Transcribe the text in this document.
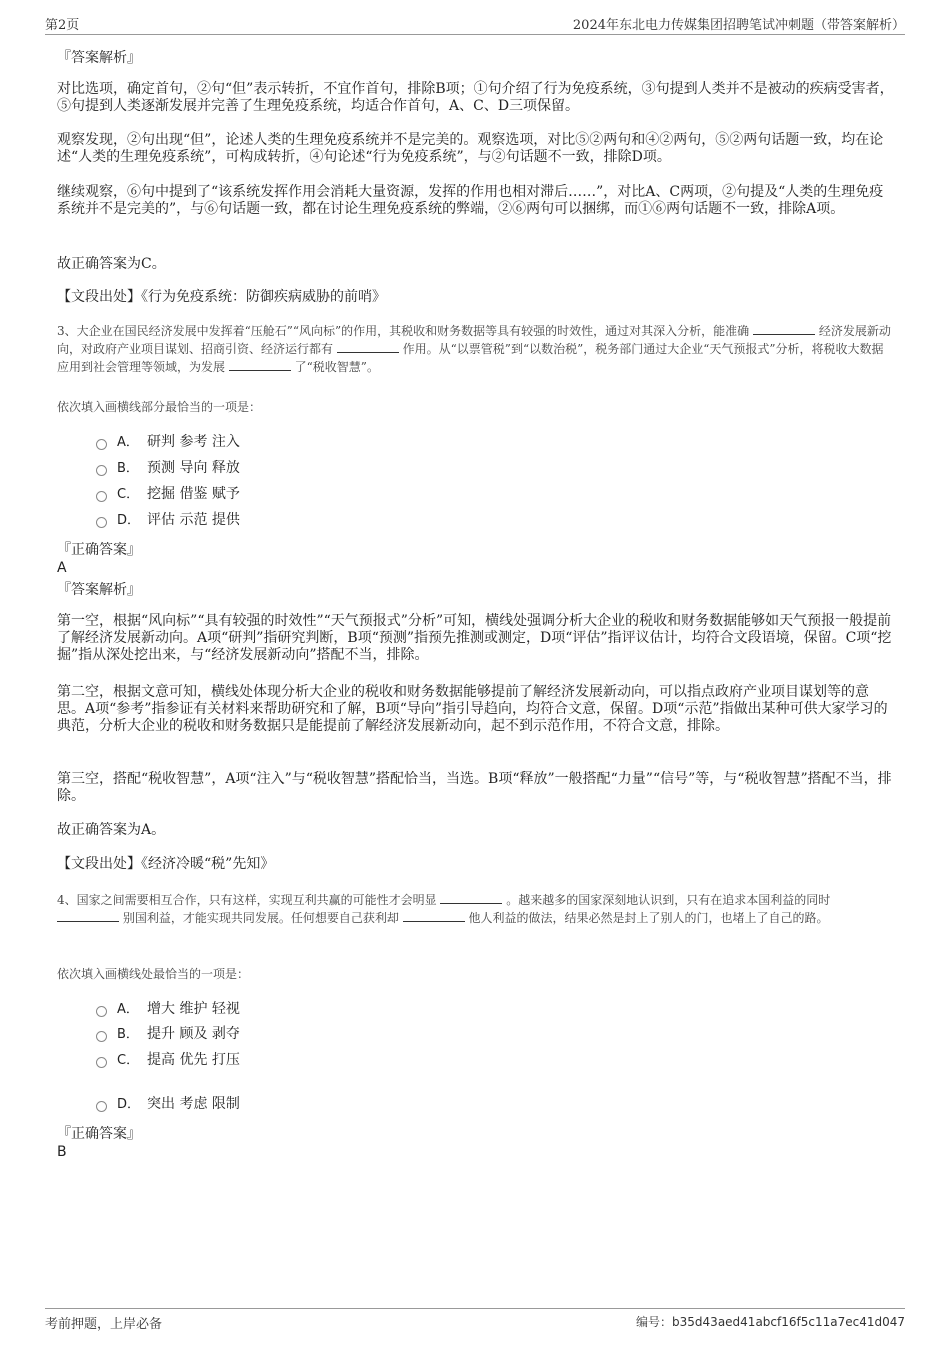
第2页	2024年东北电力传媒集团招聘笔试冲刺题（带答案解析）
『答案解析』

对比选项，确定首句，②句“但”表示转折，不宜作首句，排除B项；①句介绍了行为免疫系统，③句提到人类并不是被动的疾病受害者，⑤句提到人类逐渐发展并完善了生理免疫系统，均适合作首句，A、C、D三项保留。

观察发现，②句出现“但”，论述人类的生理免疫系统并不是完美的。观察选项，对比⑤②两句和④②两句，⑤②两句话题一致，均在论述“人类的生理免疫系统”，可构成转折，④句论述“行为免疫系统”，与②句话题不一致，排除D项。

继续观察，⑥句中提到了“该系统发挥作用会消耗大量资源，发挥的作用也相对滞后……”，对比A、C两项，②句提及“人类的生理免疫系统并不是完美的”，与⑥句话题一致，都在讨论生理免疫系统的弊端，②⑥两句可以捆绑，而①⑥两句话题不一致，排除A项。

故正确答案为C。

【文段出处】《行为免疫系统：防御疾病威胁的前哨》

3、大企业在国民经济发展中发挥着“压舱石”“风向标”的作用，其税收和财务数据等具有较强的时效性，通过对其深入分析，能准确	经济发展新动向，对政府产业项目谋划、招商引资、经济运行都有	作用。从“以票管税”到“以数治税”，税务部门通过大企业“天气预报式”分析，将税收大数据应用到社会管理等领域，为发展	了“税收智慧”。

依次填入画横线部分最恰当的一项是：

A． 研判 参考 注入
B． 预测 导向 释放
C． 挖掘 借鉴 赋予
D． 评估 示范 提供
『正确答案』
A
『答案解析』

第一空，根据“风向标”“具有较强的时效性”“天气预报式”分析”可知，横线处强调分析大企业的税收和财务数据能够如天气预报一般提前了解经济发展新动向。A项“研判”指研究判断，B项“预测”指预先推测或测定，D项“评估”指评议估计，均符合文段语境，保留。C项“挖掘”指从深处挖出来，与“经济发展新动向”搭配不当，排除。

第二空，根据文意可知，横线处体现分析大企业的税收和财务数据能够提前了解经济发展新动向，可以指点政府产业项目谋划等的意思。A项“参考”指参证有关材料来帮助研究和了解，B项“导向”指引导趋向，均符合文意，保留。D项“示范”指做出某种可供大家学习的典范，分析大企业的税收和财务数据只是能提前了解经济发展新动向，起不到示范作用，不符合文意，排除。

第三空，搭配“税收智慧”，A项“注入”与“税收智慧”搭配恰当，当选。B项“释放”一般搭配“力量”“信号”等，与“税收智慧”搭配不当，排除。

故正确答案为A。

【文段出处】《经济冷暖“税”先知》

4、国家之间需要相互合作，只有这样，实现互利共赢的可能性才会明显	。越来越多的国家深刻地认识到，只有在追求本国利益的同时  别国利益，才能实现共同发展。任何想要自己获利却	他人利益的做法，结果必然是封上了别人的门，也堵上了自己的路。

依次填入画横线处最恰当的一项是：

A． 增大 维护 轻视
B． 提升 顾及 剥夺
C． 提高 优先 打压
D． 突出 考虑 限制
『正确答案』
B
考前押题，上岸必备	编号：b35d43aed41abcf16f5c11a7ec41d047
